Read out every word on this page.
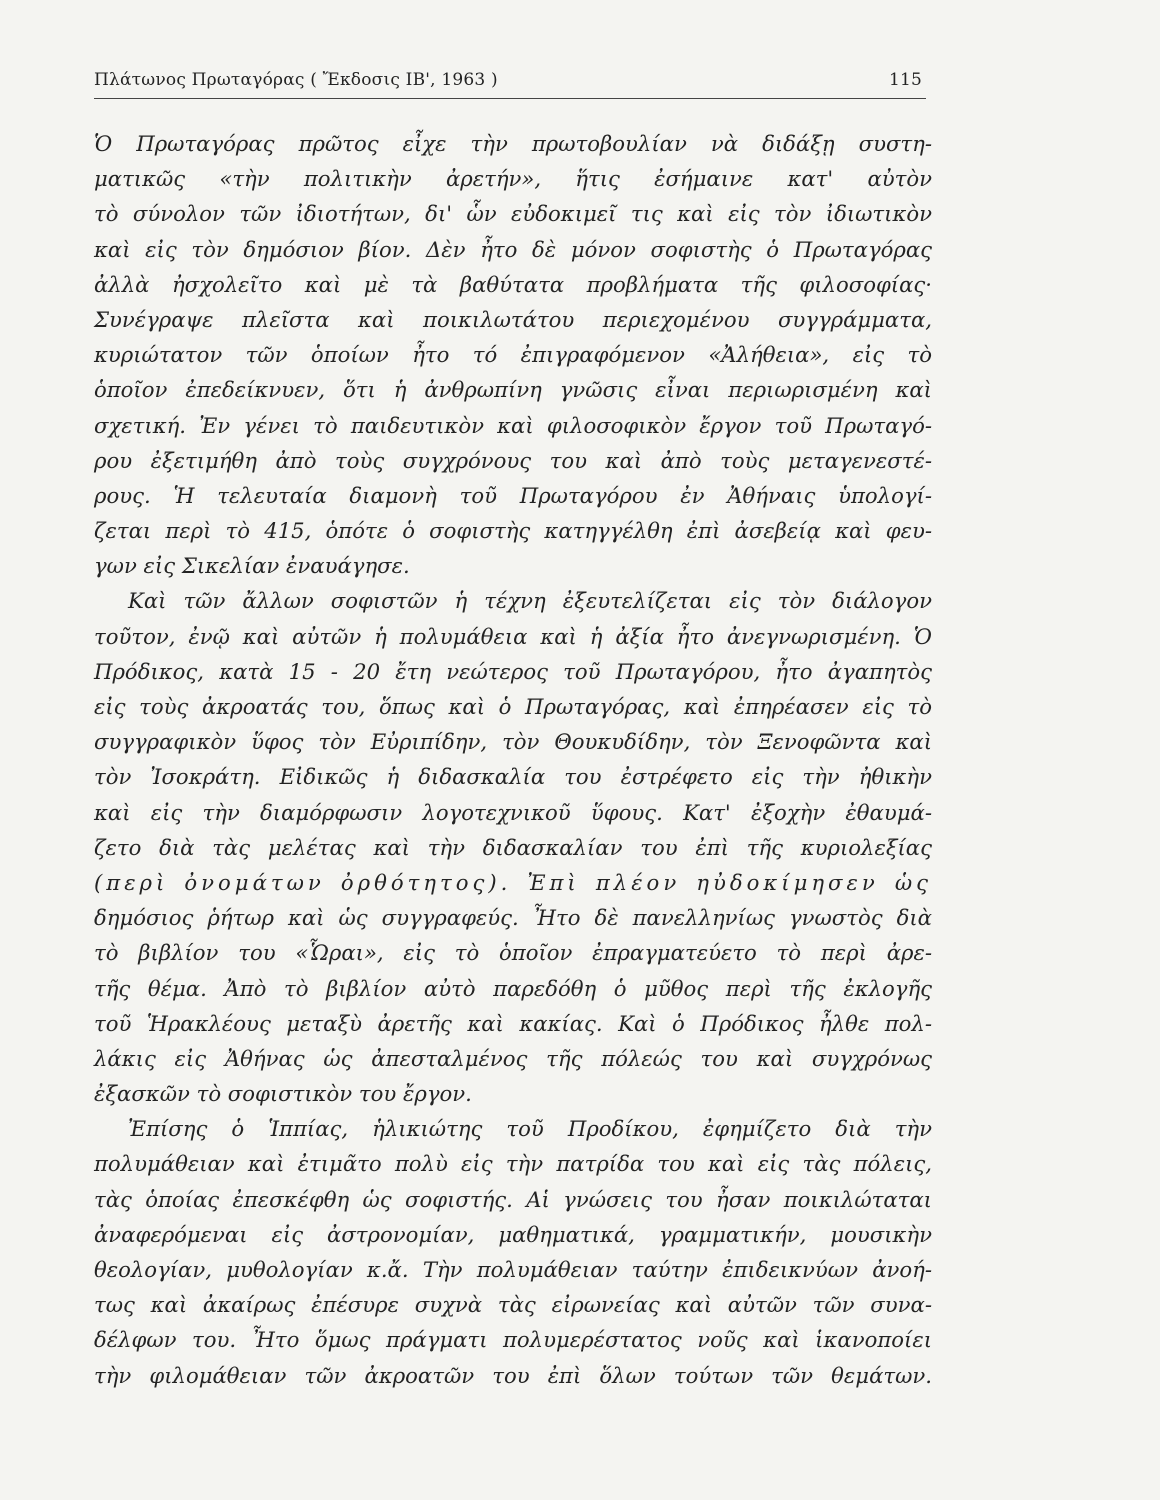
Πλάτωνος Πρωταγόρας ( Ἔκδοσις ΙΒ', 1963 )	115
Ὁ Πρωταγόρας πρῶτος εἶχε τὴν πρωτοβουλίαν νὰ διδάξῃ συστη-
ματικῶς «τὴν πολιτικὴν ἀρετήν», ἥτις ἐσήμαινε κατ' αὐτὸν
τὸ σύνολον τῶν ἰδιοτήτων, δι' ὧν εὐδοκιμεῖ τις καὶ εἰς τὸν ἰδιωτικὸν
καὶ εἰς τὸν δημόσιον βίον. Δὲν ἦτο δὲ μόνον σοφιστὴς ὁ Πρωταγόρας
ἀλλὰ ἠσχολεῖτο καὶ μὲ τὰ βαθύτατα προβλήματα τῆς φιλοσοφίας·
Συνέγραψε πλεῖστα καὶ ποικιλωτάτου περιεχομένου συγγράμματα,
κυριώτατον τῶν ὁποίων ἦτο τό ἐπιγραφόμενον «Ἀλήθεια», εἰς τὸ
ὁποῖον ἐπεδείκνυεν, ὅτι ἡ ἀνθρωπίνη γνῶσις εἶναι περιωρισμένη καὶ
σχετική. Ἐν γένει τὸ παιδευτικὸν καὶ φιλοσοφικὸν ἔργον τοῦ Πρωταγό-
ρου ἐξετιμήθη ἀπὸ τοὺς συγχρόνους του καὶ ἀπὸ τοὺς μεταγενεστέ-
ρους. Ἡ τελευταία διαμονὴ τοῦ Πρωταγόρου ἐν Ἀθήναις ὑπολογί-
ζεται περὶ τὸ 415, ὁπότε ὁ σοφιστὴς κατηγγέλθη ἐπὶ ἀσεβείᾳ καὶ φευ-
γων εἰς Σικελίαν ἐναυάγησε.
Καὶ τῶν ἄλλων σοφιστῶν ἡ τέχνη ἐξευτελίζεται εἰς τὸν διάλογον
τοῦτον, ἐνῷ καὶ αὐτῶν ἡ πολυμάθεια καὶ ἡ ἀξία ἦτο ἀνεγνωρισμένη. Ὁ
Πρόδικος, κατὰ 15 - 20 ἔτη νεώτερος τοῦ Πρωταγόρου, ἦτο ἀγαπητὸς
εἰς τοὺς ἀκροατάς του, ὅπως καὶ ὁ Πρωταγόρας, καὶ ἐπηρέασεν εἰς τὸ
συγγραφικὸν ὕφος τὸν Εὐριπίδην, τὸν Θουκυδίδην, τὸν Ξενοφῶντα καὶ
τὸν Ἰσοκράτη. Εἰδικῶς ἡ διδασκαλία του ἐστρέφετο εἰς τὴν ἠθικὴν
καὶ εἰς τὴν διαμόρφωσιν λογοτεχνικοῦ ὕφους. Κατ' ἐξοχὴν ἐθαυμά-
ζετο διὰ τὰς μελέτας καὶ τὴν διδασκαλίαν του ἐπὶ τῆς κυριολεξίας
(περὶ ὀνομάτων ὀρθότητος). Ἐπὶ πλέον ηὐδοκίμησεν ὡς
δημόσιος ῥήτωρ καὶ ὡς συγγραφεύς. Ἦτο δὲ πανελληνίως γνωστὸς διὰ
τὸ βιβλίον του «Ὧραι», εἰς τὸ ὁποῖον ἐπραγματεύετο τὸ περὶ ἀρε-
τῆς θέμα. Ἀπὸ τὸ βιβλίον αὐτὸ παρεδόθη ὁ μῦθος περὶ τῆς ἐκλογῆς
τοῦ Ἡρακλέους μεταξὺ ἀρετῆς καὶ κακίας. Καὶ ὁ Πρόδικος ἦλθε πολ-
λάκις εἰς Ἀθήνας ὡς ἀπεσταλμένος τῆς πόλεώς του καὶ συγχρόνως
ἐξασκῶν τὸ σοφιστικὸν του ἔργον.
Ἐπίσης ὁ Ἱππίας, ἡλικιώτης τοῦ Προδίκου, ἐφημίζετο διὰ τὴν
πολυμάθειαν καὶ ἐτιμᾶτο πολὺ εἰς τὴν πατρίδα του καὶ εἰς τὰς πόλεις,
τὰς ὁποίας ἐπεσκέφθη ὡς σοφιστής. Αἱ γνώσεις του ἦσαν ποικιλώταται
ἀναφερόμεναι εἰς ἀστρονομίαν, μαθηματικά, γραμματικήν, μουσικὴν
θεολογίαν, μυθολογίαν κ.ἄ. Τὴν πολυμάθειαν ταύτην ἐπιδεικνύων ἀνοή-
τως καὶ ἀκαίρως ἐπέσυρε συχνὰ τὰς εἰρωνείας καὶ αὐτῶν τῶν συνα-
δέλφων του. Ἦτο ὅμως πράγματι πολυμερέστατος νοῦς καὶ ἱκανοποίει
τὴν φιλομάθειαν τῶν ἀκροατῶν του ἐπὶ ὅλων τούτων τῶν θεμάτων.
